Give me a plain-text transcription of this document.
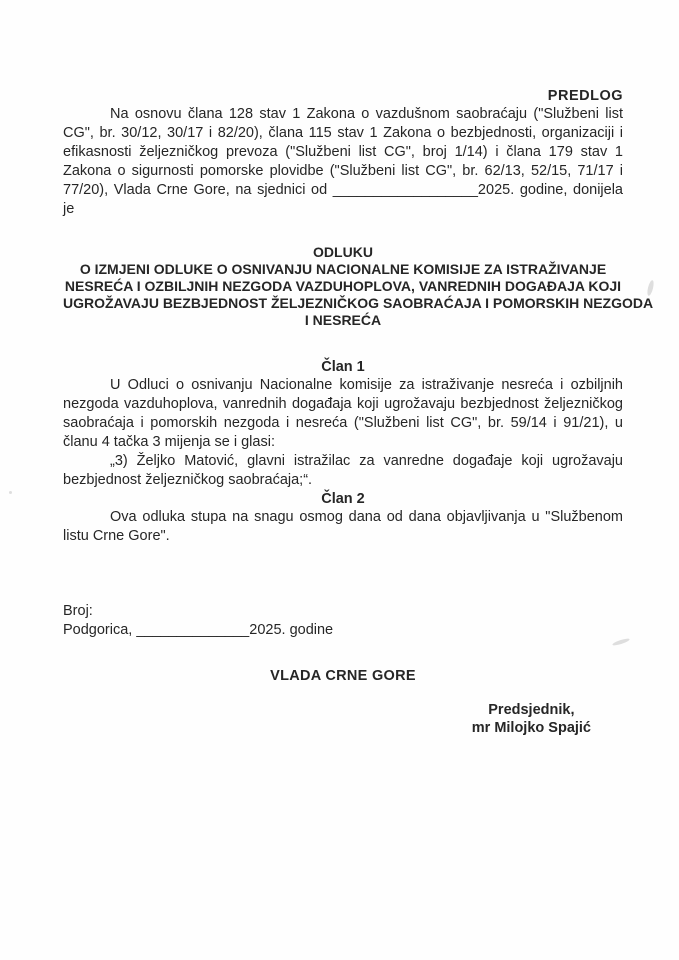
PREDLOG

Na osnovu člana 128 stav 1 Zakona o vazdušnom saobraćaju ("Službeni list CG", br. 30/12, 30/17 i 82/20), člana 115 stav 1 Zakona o bezbjednosti, organizaciji i efikasnosti željezničkog prevoza ("Službeni list CG", broj 1/14) i člana 179 stav 1 Zakona o sigurnosti pomorske plovidbe ("Službeni list CG", br. 62/13, 52/15, 71/17 i 77/20), Vlada Crne Gore, na sjednici od __________________2025. godine, donijela je

ODLUKU
O IZMJENI ODLUKE O OSNIVANJU NACIONALNE KOMISIJE ZA ISTRAŽIVANJE
NESREĆA I OZBILJNIH NEZGODA VAZDUHOPLOVA, VANREDNIH DOGAĐAJA KOJI
UGROŽAVAJU BEZBJEDNOST ŽELJEZNIČKOG SAOBRAĆAJA I POMORSKIH NEZGODA
I NESREĆA
Član 1

U Odluci o osnivanju Nacionalne komisije za istraživanje nesreća i ozbiljnih nezgoda vazduhoplova, vanrednih događaja koji ugrožavaju bezbjednost željezničkog saobraćaja i pomorskih nezgoda i nesreća ("Službeni list CG", br. 59/14 i 91/21), u članu 4 tačka 3 mijenja se i glasi:

„3) Željko Matović, glavni istražilac za vanredne događaje koji ugrožavaju bezbjednost željezničkog saobraćaja;“.

Član 2

Ova odluka stupa na snagu osmog dana od dana objavljivanja u "Službenom listu Crne Gore".

Broj:
Podgorica, ______________2025. godine
VLADA CRNE GORE
Predsjednik,
mr Milojko Spajić
